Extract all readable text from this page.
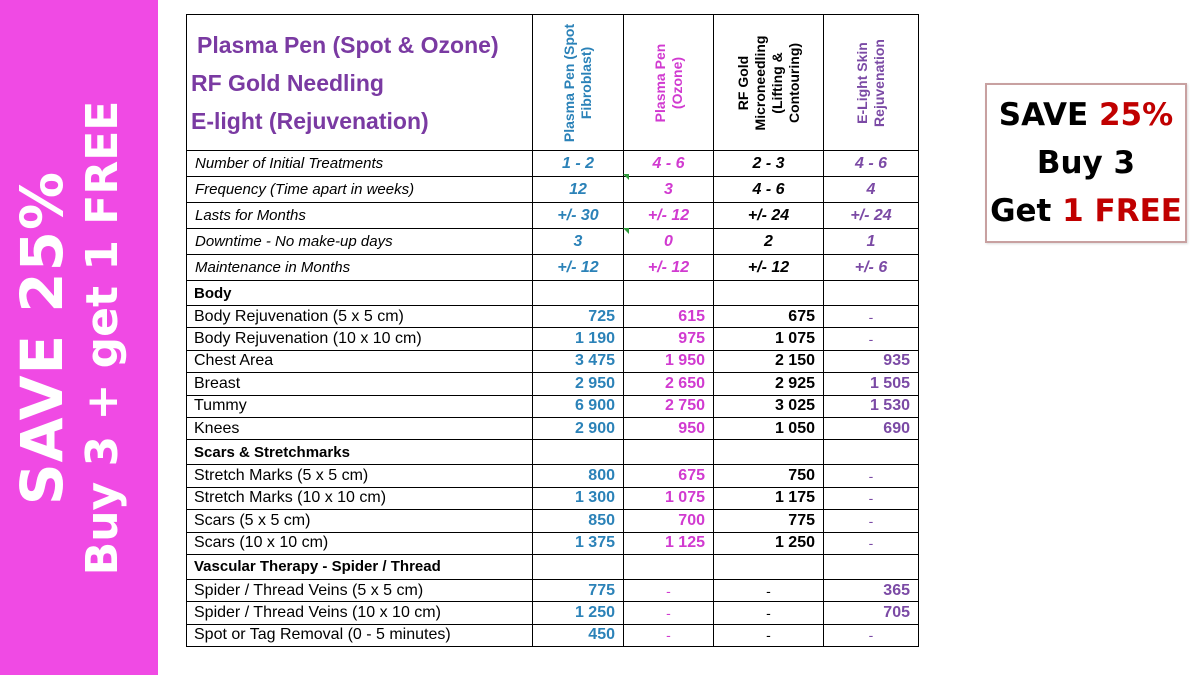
SAVE 25% Buy 3 + get 1 FREE
Plasma Pen (Spot & Ozone)
RF Gold Needling
E-light (Rejuvenation)	Plasma Pen (Spot Fibroblast)	Plasma Pen (Ozone)	RF Gold Microneedling (Lifting & Contouring)	E-Light Skin Rejuvenation

Number of Initial Treatments	1 - 2	4 - 6	2 - 3	4 - 6
Frequency (Time apart in weeks)	12	3	4 - 6	4
Lasts for Months	+/- 30	+/- 12	+/- 24	+/- 24
Downtime - No make-up days	3	0	2	1
Maintenance in Months	+/- 12	+/- 12	+/- 12	+/- 6
Body				
Body Rejuvenation (5 x 5 cm)	725	615	675	-
Body Rejuvenation (10 x 10 cm)	1 190	975	1 075	-
Chest Area	3 475	1 950	2 150	935
Breast	2 950	2 650	2 925	1 505
Tummy	6 900	2 750	3 025	1 530
Knees	2 900	950	1 050	690
Scars & Stretchmarks				
Stretch Marks (5 x 5 cm)	800	675	750	-
Stretch Marks (10 x 10 cm)	1 300	1 075	1 175	-
Scars (5 x 5 cm)	850	700	775	-
Scars (10 x 10 cm)	1 375	1 125	1 250	-
Vascular Therapy - Spider / Thread				
Spider / Thread Veins (5 x 5 cm)	775	-	-	365
Spider / Thread Veins (10 x 10 cm)	1 250	-	-	705
Spot or Tag Removal (0 - 5 minutes)	450	-	-	-
SAVE 25%
Buy 3
Get 1 FREE
